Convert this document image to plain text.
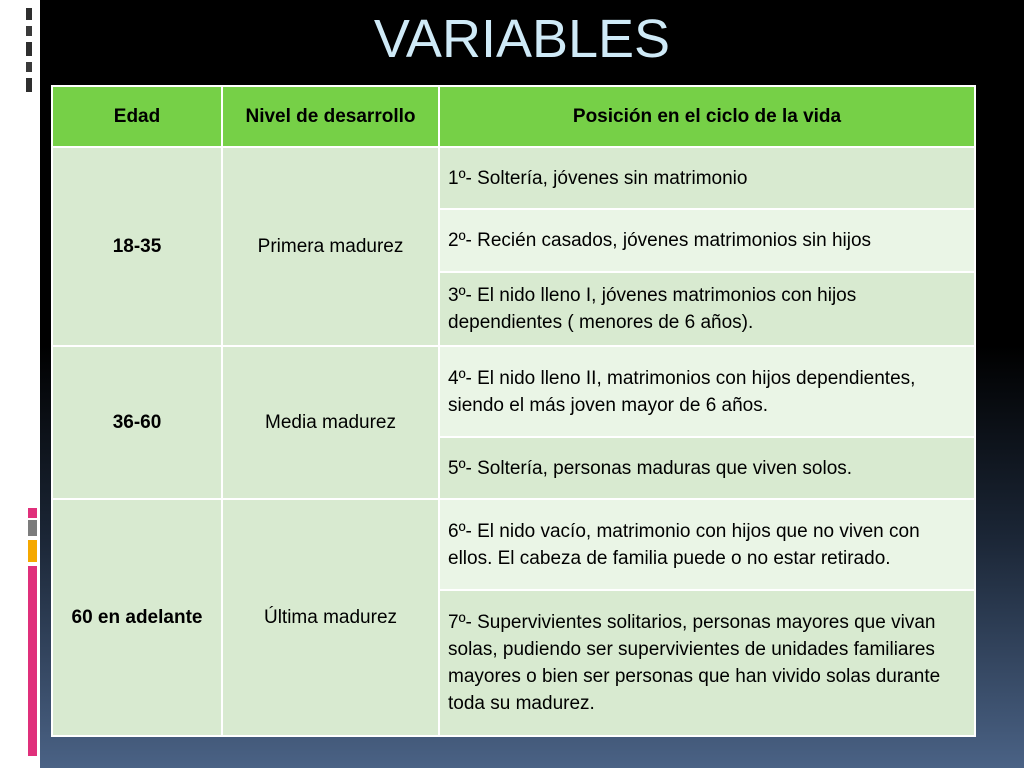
VARIABLES
Edad	Nivel de desarrollo	Posición en el ciclo de la vida
18-35	Primera madurez	1º- Soltería, jóvenes sin matrimonio
		2º- Recién casados, jóvenes matrimonios sin hijos
		3º- El nido lleno I, jóvenes matrimonios con hijos dependientes ( menores de 6 años).
36-60	Media madurez	4º- El nido lleno II, matrimonios con hijos dependientes, siendo el más joven mayor de 6 años.
		5º- Soltería, personas maduras que viven solos.
60 en adelante	Última madurez	6º- El nido vacío, matrimonio con hijos que no viven con ellos. El cabeza de familia puede o no estar retirado.
		7º- Supervivientes solitarios, personas mayores que vivan solas, pudiendo ser supervivientes de unidades familiares mayores o bien ser personas que han vivido solas durante toda su madurez.
